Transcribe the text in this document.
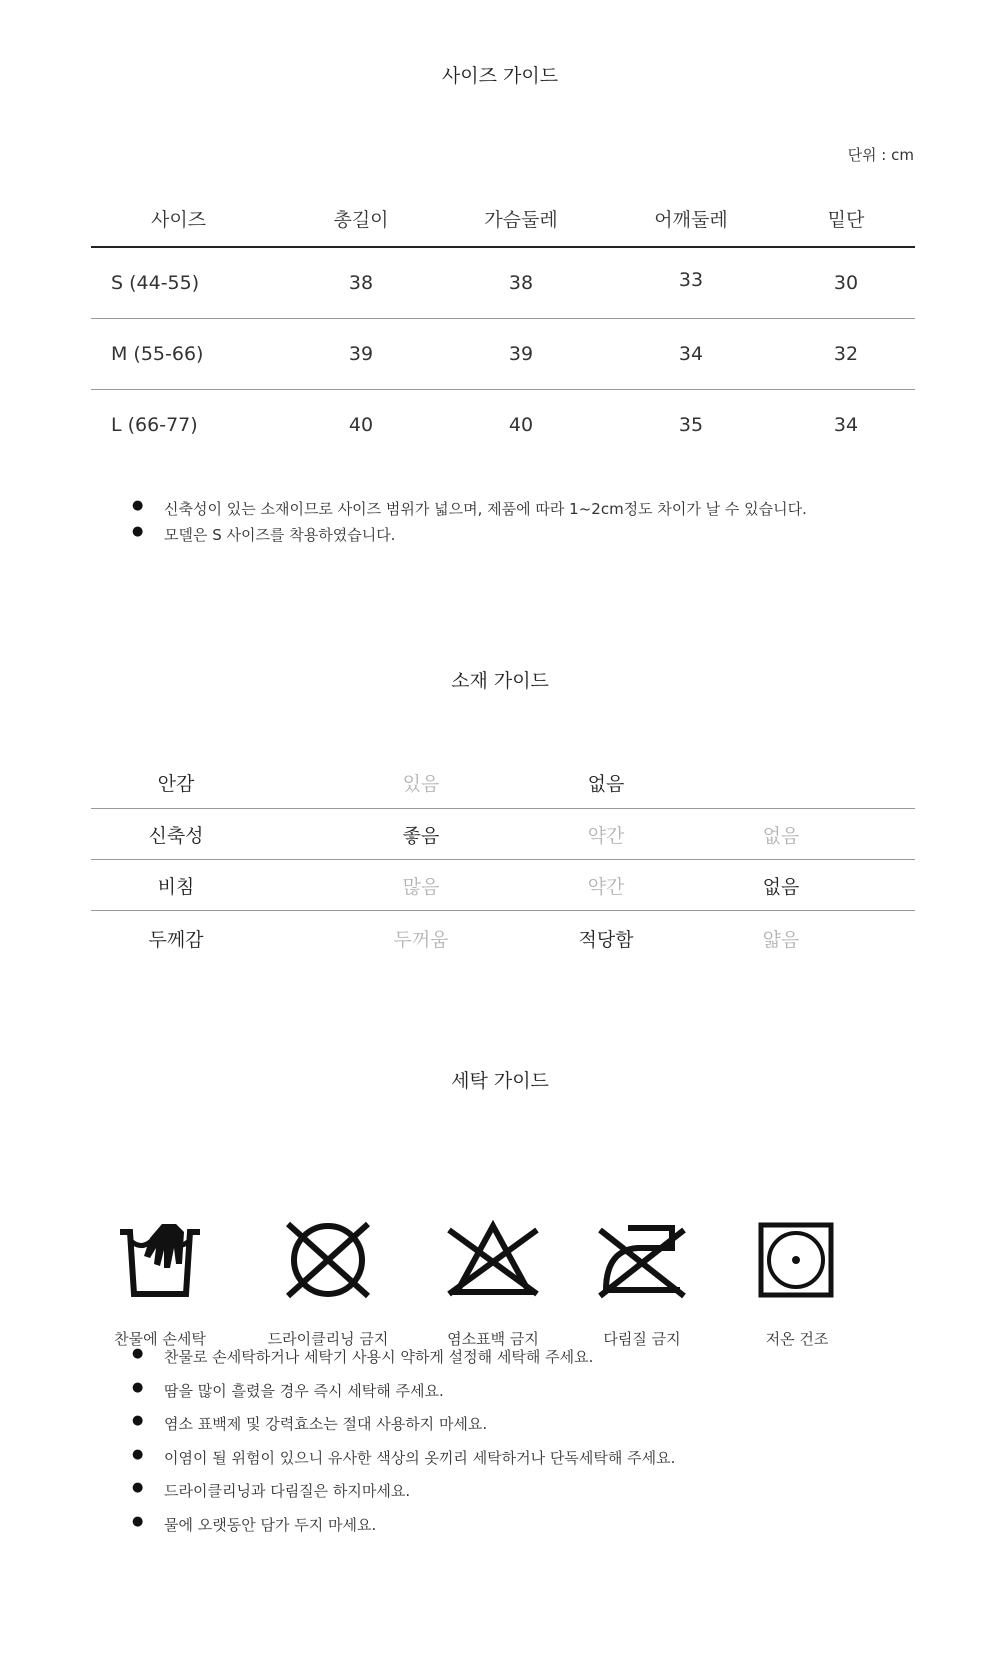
사이즈 가이드
단위 : cm
사이즈	총길이	가슴둘레	어깨둘레	밑단
S (44-55)	38	38	33	30
M (55-66)	39	39	34	32
L (66-77)	40	40	35	34
● 신축성이 있는 소재이므로 사이즈 범위가 넓으며, 제품에 따라 1~2cm정도 차이가 날 수 있습니다.
● 모델은 S 사이즈를 착용하였습니다.
소재 가이드
안감	있음	없음
신축성	좋음	약간	없음
비침	많음	약간	없음
두께감	두꺼움	적당함	얇음
세탁 가이드
찬물에 손세탁	드라이클리닝 금지	염소표백 금지	다림질 금지	저온 건조
● 찬물로 손세탁하거나 세탁기 사용시 약하게 설정해 세탁해 주세요.
● 땀을 많이 흘렸을 경우 즉시 세탁해 주세요.
● 염소 표백제 및 강력효소는 절대 사용하지 마세요.
● 이염이 될 위험이 있으니 유사한 색상의 옷끼리 세탁하거나 단독세탁해 주세요.
● 드라이클리닝과 다림질은 하지마세요.
● 물에 오랫동안 담가 두지 마세요.
